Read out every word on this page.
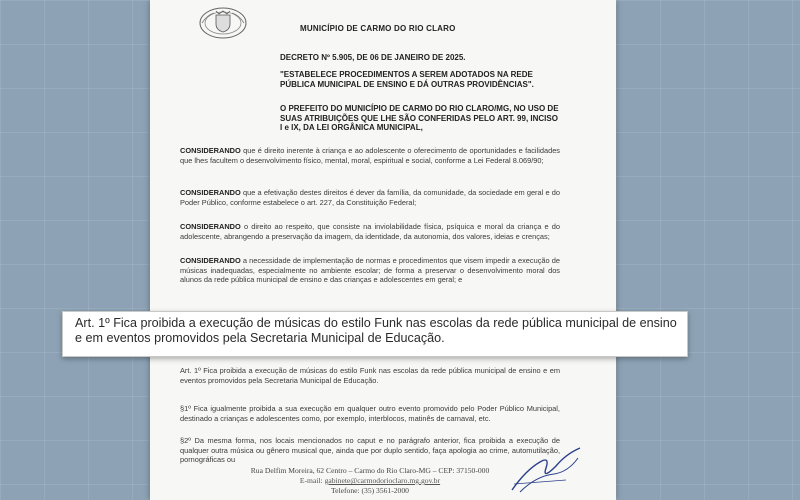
MUNICÍPIO DE CARMO DO RIO CLARO
DECRETO Nº 5.905, DE 06 DE JANEIRO DE 2025.
"ESTABELECE PROCEDIMENTOS A SEREM ADOTADOS NA REDE PÚBLICA MUNICIPAL DE ENSINO E DÁ OUTRAS PROVIDÊNCIAS".
O PREFEITO DO MUNICÍPIO DE CARMO DO RIO CLARO/MG, NO USO DE SUAS ATRIBUIÇÕES QUE LHE SÃO CONFERIDAS PELO ART. 99, INCISO I e IX, DA LEI ORGÂNICA MUNICIPAL,

CONSIDERANDO que é direito inerente à criança e ao adolescente o oferecimento de oportunidades e facilidades que lhes facultem o desenvolvimento físico, mental, moral, espiritual e social, conforme a Lei Federal 8.069/90;

CONSIDERANDO que a efetivação destes direitos é dever da família, da comunidade, da sociedade em geral e do Poder Público, conforme estabelece o art. 227, da Constituição Federal;

CONSIDERANDO o direito ao respeito, que consiste na inviolabilidade física, psíquica e moral da criança e do adolescente, abrangendo a preservação da imagem, da identidade, da autonomia, dos valores, ideias e crenças;

CONSIDERANDO a necessidade de implementação de normas e procedimentos que visem impedir a execução de músicas inadequadas, especialmente no ambiente escolar; de forma a preservar o desenvolvimento moral dos alunos da rede pública municipal de ensino e das crianças e adolescentes em geral; e

Art. 1º Fica proibida a execução de músicas do estilo Funk nas escolas da rede pública municipal de ensino e em eventos promovidos pela Secretaria Municipal de Educação.

§1º Fica igualmente proibida a sua execução em qualquer outro evento promovido pelo Poder Público Municipal, destinado a crianças e adolescentes como, por exemplo, interblocos, matinês de carnaval, etc.

§2º Da mesma forma, nos locais mencionados no caput e no parágrafo anterior, fica proibida a execução de qualquer outra música ou gênero musical que, ainda que por duplo sentido, faça apologia ao crime, automutilação, pornográficas ou

Rua Delfim Moreira, 62 Centro – Carmo do Rio Claro-MG – CEP: 37150-000
E-mail: gabinete@carmodorioclaro.mg.gov.br
Telefone: (35) 3561-2000
Art. 1º Fica proibida a execução de músicas do estilo Funk nas escolas da rede pública municipal de ensino e em eventos promovidos pela Secretaria Municipal de Educação.
